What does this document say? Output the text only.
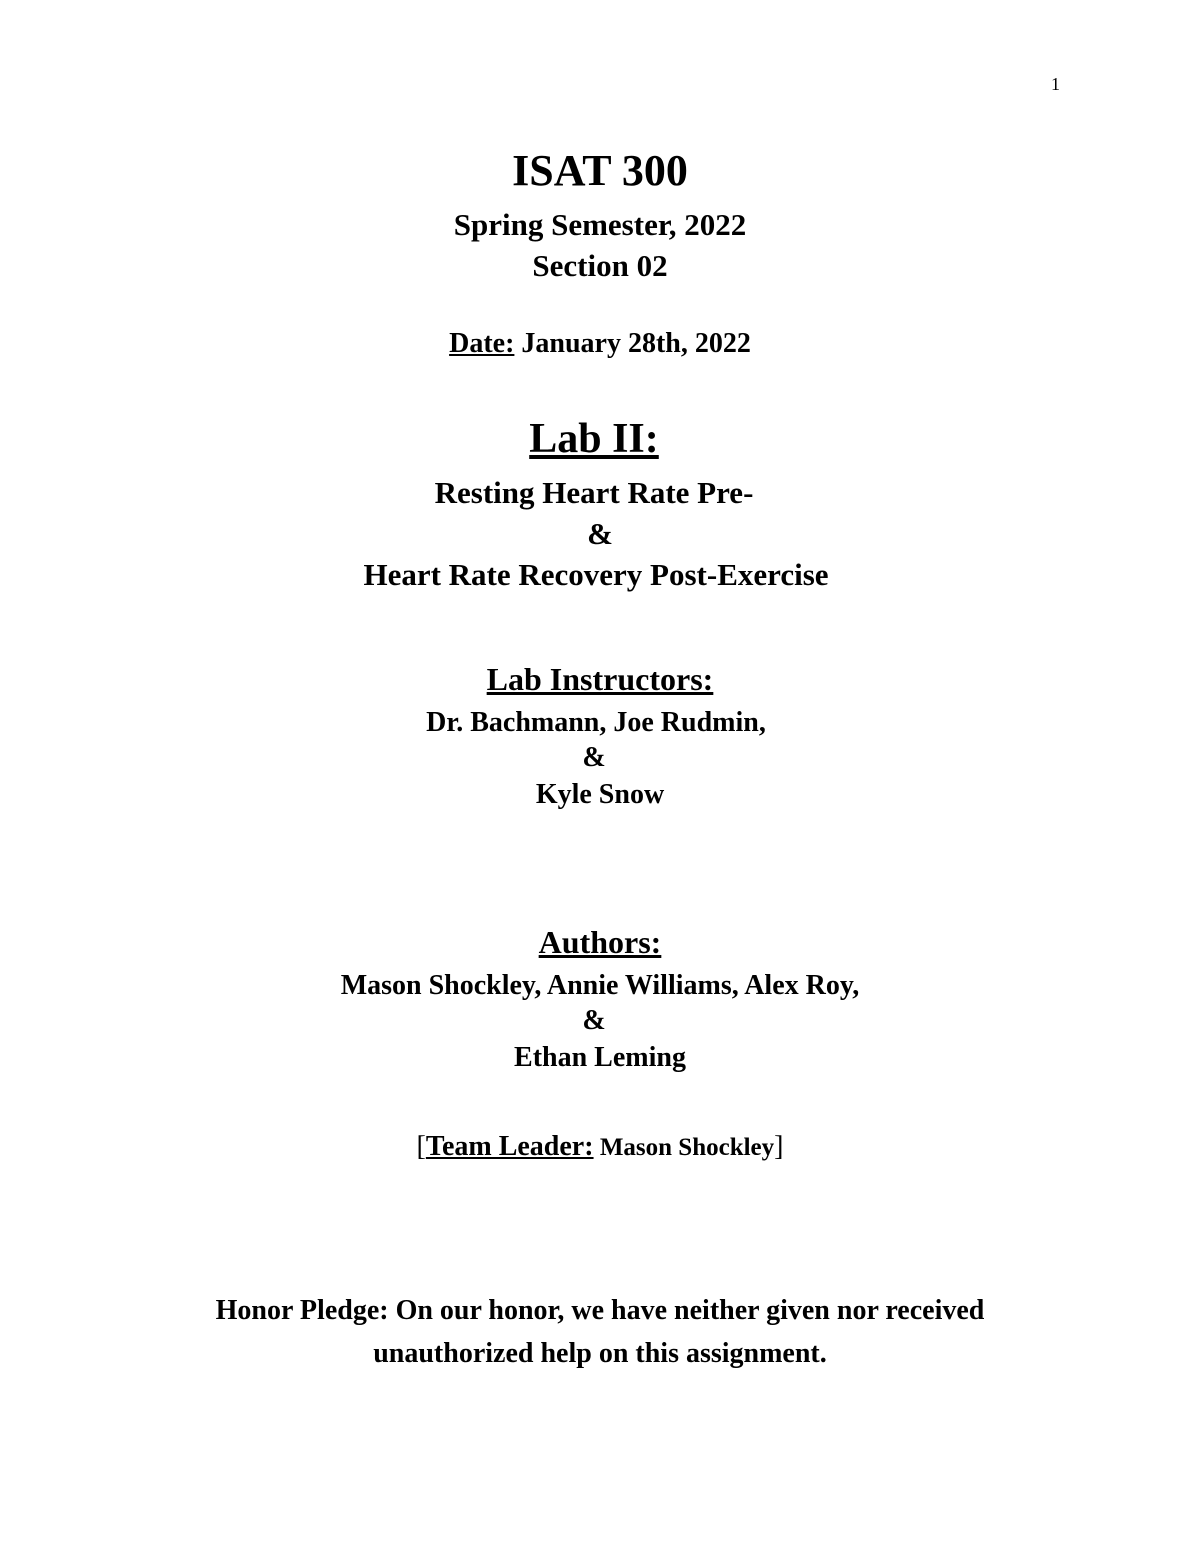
1
ISAT 300
Spring Semester, 2022
Section 02
Date: January 28th, 2022
Lab II:
Resting Heart Rate Pre-
&
Heart Rate Recovery Post-Exercise
Lab Instructors:
Dr. Bachmann, Joe Rudmin,
&
Kyle Snow
Authors:
Mason Shockley, Annie Williams, Alex Roy,
&
Ethan Leming
[Team Leader: Mason Shockley]
Honor Pledge: On our honor, we have neither given nor received
unauthorized help on this assignment.
